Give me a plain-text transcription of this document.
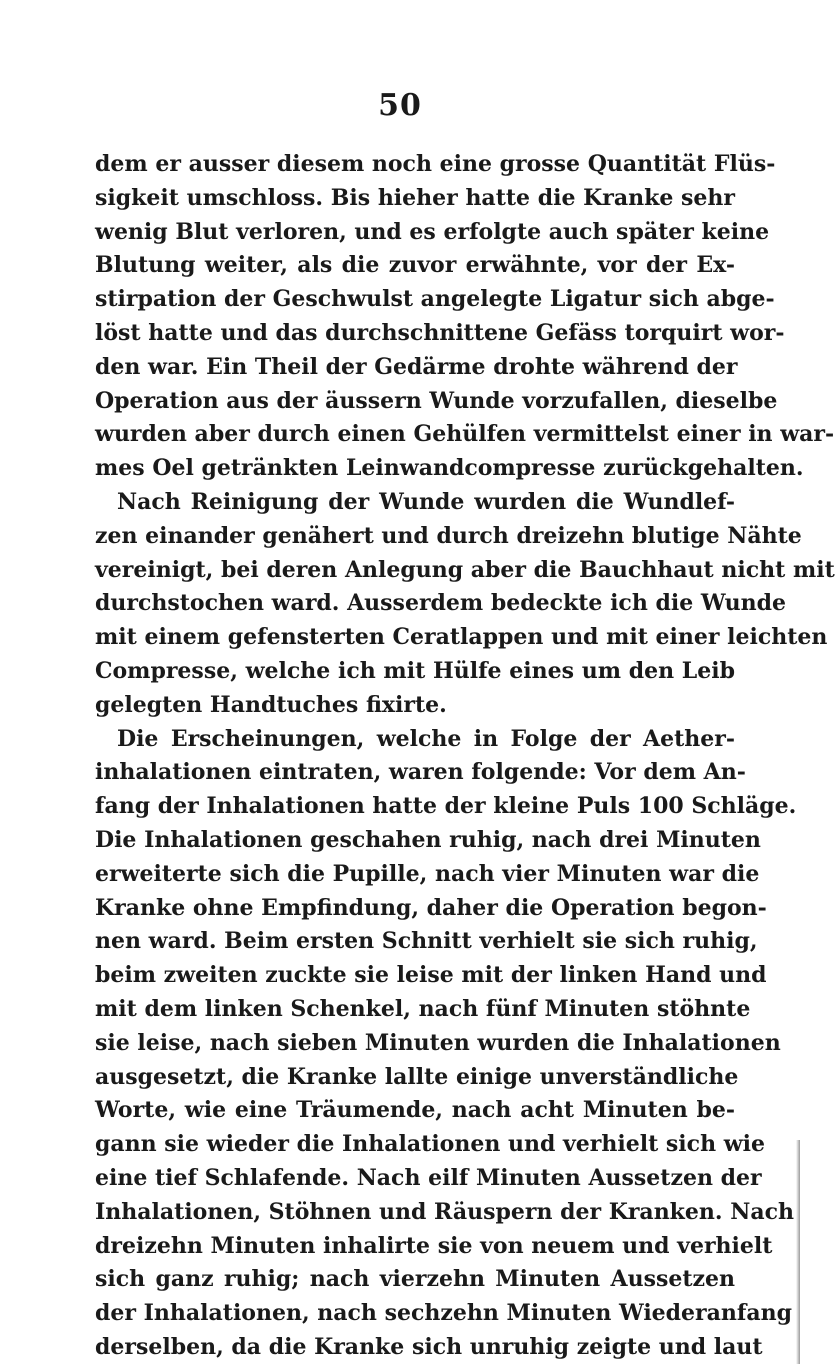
50
dem er ausser diesem noch eine grosse Quantität Flüs-
sigkeit umschloss. Bis hieher hatte die Kranke sehr
wenig Blut verloren, und es erfolgte auch später keine
Blutung weiter, als die zuvor erwähnte, vor der Ex-
stirpation der Geschwulst angelegte Ligatur sich abge-
löst hatte und das durchschnittene Gefäss torquirt wor-
den war. Ein Theil der Gedärme drohte während der
Operation aus der äussern Wunde vorzufallen, dieselbe
wurden aber durch einen Gehülfen vermittelst einer in war-
mes Oel getränkten Leinwandcompresse zurückgehalten.
Nach Reinigung der Wunde wurden die Wundlef-
zen einander genähert und durch dreizehn blutige Nähte
vereinigt, bei deren Anlegung aber die Bauchhaut nicht mit
durchstochen ward. Ausserdem bedeckte ich die Wunde
mit einem gefensterten Ceratlappen und mit einer leichten
Compresse, welche ich mit Hülfe eines um den Leib
gelegten Handtuches fixirte.
Die Erscheinungen, welche in Folge der Aether-
inhalationen eintraten, waren folgende: Vor dem An-
fang der Inhalationen hatte der kleine Puls 100 Schläge.
Die Inhalationen geschahen ruhig, nach drei Minuten
erweiterte sich die Pupille, nach vier Minuten war die
Kranke ohne Empfindung, daher die Operation begon-
nen ward. Beim ersten Schnitt verhielt sie sich ruhig,
beim zweiten zuckte sie leise mit der linken Hand und
mit dem linken Schenkel, nach fünf Minuten stöhnte
sie leise, nach sieben Minuten wurden die Inhalationen
ausgesetzt, die Kranke lallte einige unverständliche
Worte, wie eine Träumende, nach acht Minuten be-
gann sie wieder die Inhalationen und verhielt sich wie
eine tief Schlafende. Nach eilf Minuten Aussetzen der
Inhalationen, Stöhnen und Räuspern der Kranken. Nach
dreizehn Minuten inhalirte sie von neuem und verhielt
sich ganz ruhig; nach vierzehn Minuten Aussetzen
der Inhalationen, nach sechzehn Minuten Wiederanfang
derselben, da die Kranke sich unruhig zeigte und laut
